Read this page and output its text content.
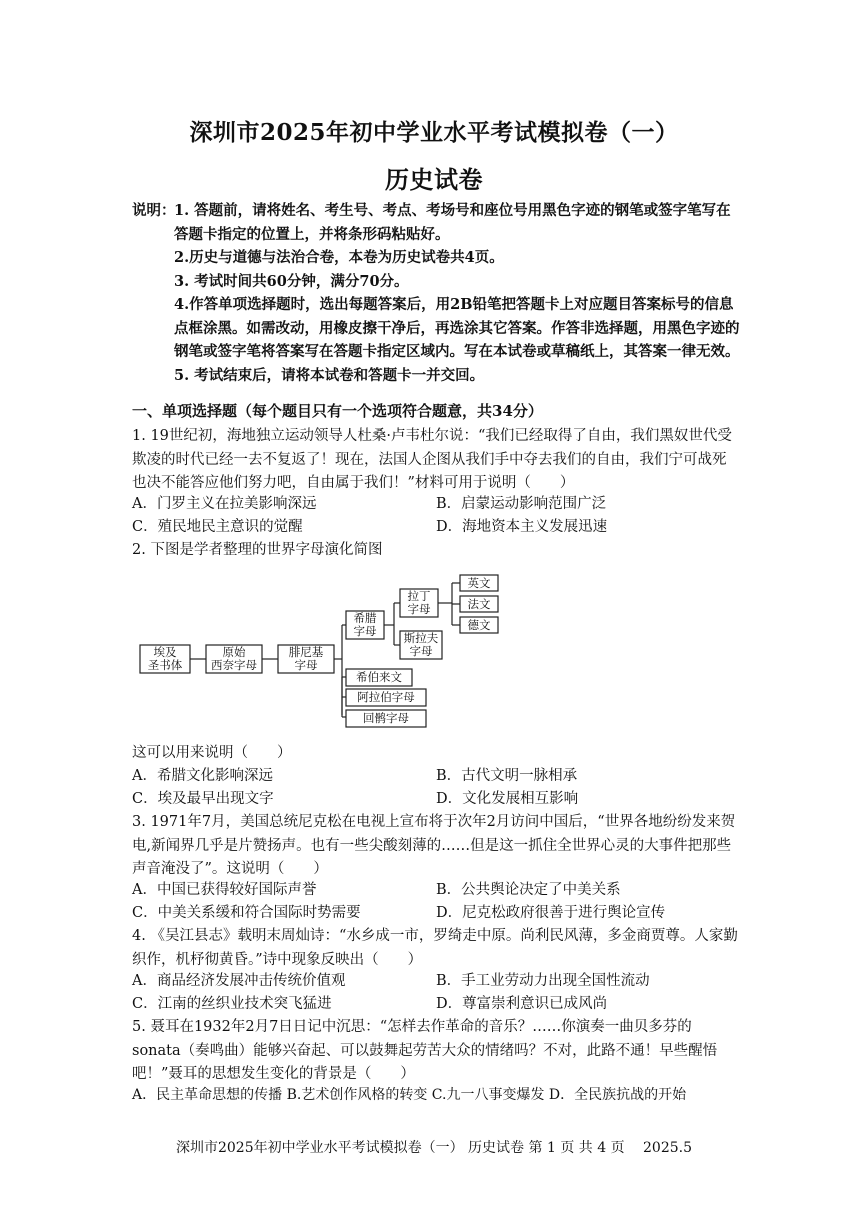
深圳市2025年初中学业水平考试模拟卷（一）
历史试卷
说明：

1. 答题前，请将姓名、考生号、考点、考场号和座位号用黑色字迹的钢笔或签字笔写在答题卡指定的位置上，并将条形码粘贴好。

2.历史与道德与法治合卷，本卷为历史试卷共4页。

3. 考试时间共60分钟，满分70分。

4.作答单项选择题时，选出每题答案后，用2B铅笔把答题卡上对应题目答案标号的信息点框涂黑。如需改动，用橡皮擦干净后，再选涂其它答案。作答非选择题，用黑色字迹的钢笔或签字笔将答案写在答题卡指定区域内。写在本试卷或草稿纸上，其答案一律无效。

5. 考试结束后，请将本试卷和答题卡一并交回。

一、单项选择题（每个题目只有一个选项符合题意，共34分）

1. 19世纪初，海地独立运动领导人杜桑·卢韦杜尔说：“我们已经取得了自由，我们黑奴世代受欺凌的时代已经一去不复返了！现在，法国人企图从我们手中夺去我们的自由，我们宁可战死也决不能答应他们努力吧，自由属于我们！”材料可用于说明（　　）

A．门罗主义在拉美影响深远	B．启蒙运动影响范围广泛
C．殖民地民主意识的觉醒	D．海地资本主义发展迅速

2. 下图是学者整理的世界字母演化简图

埃及
圣书体
原始
西奈字母
腓尼基
字母
希腊
字母
拉丁
字母
斯拉夫
字母
英文
法文
德文
希伯来文
阿拉伯字母
回鹘字母

这可以用来说明（　　）

A．希腊文化影响深远	B．古代文明一脉相承
C．埃及最早出现文字	D．文化发展相互影响

3. 1971年7月，美国总统尼克松在电视上宣布将于次年2月访问中国后，“世界各地纷纷发来贺电,新闻界几乎是片赞扬声。也有一些尖酸刻薄的……但是这一抓住全世界心灵的大事件把那些声音淹没了”。这说明（　　）

A．中国已获得较好国际声誉	B．公共舆论决定了中美关系
C．中美关系缓和符合国际时势需要	D．尼克松政府很善于进行舆论宣传

4. 《吴江县志》载明末周灿诗：“水乡成一市，罗绮走中原。尚利民风薄，多金商贾尊。人家勤织作，机杼彻黄昏。”诗中现象反映出（　　）

A．商品经济发展冲击传统价值观	B．手工业劳动力出现全国性流动
C．江南的丝织业技术突飞猛进	D．尊富崇利意识已成风尚

5. 聂耳在1932年2月7日日记中沉思：“怎样去作革命的音乐？……你演奏一曲贝多芬的sonata（奏鸣曲）能够兴奋起、可以鼓舞起劳苦大众的情绪吗？不对，此路不通！早些醒悟吧！”聂耳的思想发生变化的背景是（　　）

A．民主革命思想的传播 B.艺术创作风格的转变 C.九一八事变爆发 D．全民族抗战的开始
深圳市2025年初中学业水平考试模拟卷（一） 历史试卷 第 1 页 共 4 页　 2025.5
